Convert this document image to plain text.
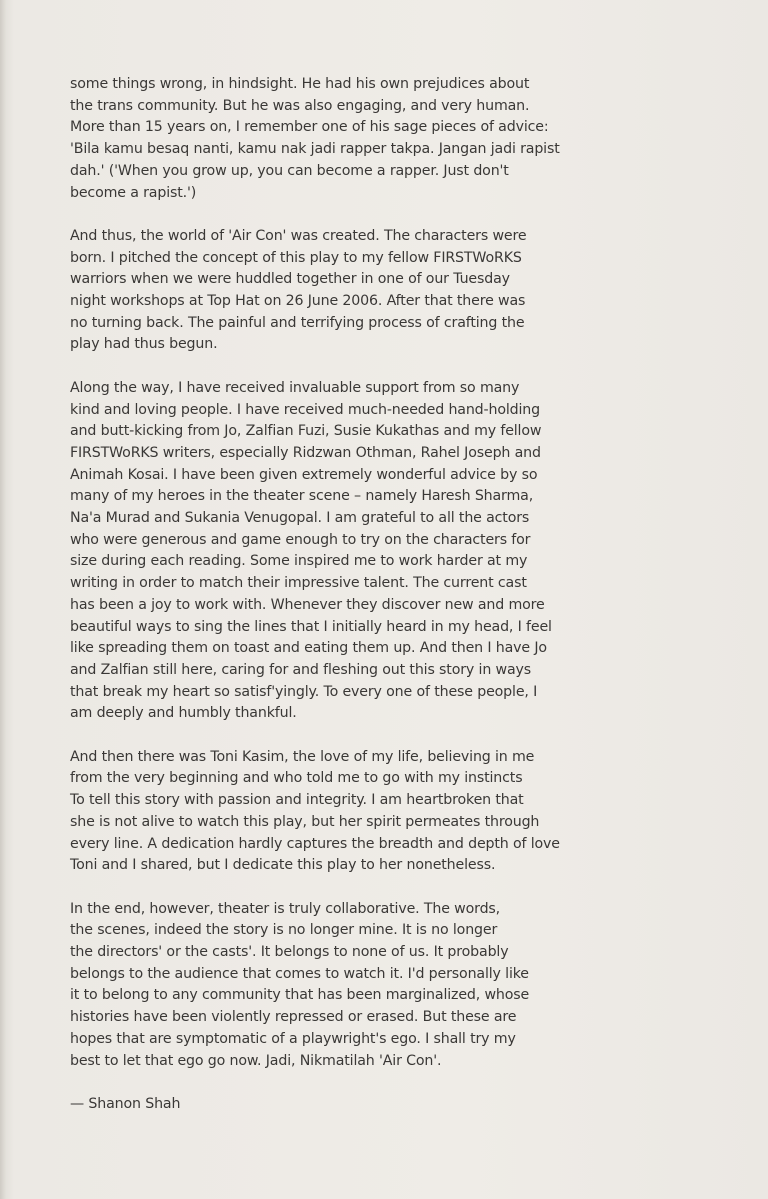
some things wrong, in hindsight. He had his own prejudices about
the trans community. But he was also engaging, and very human.
More than 15 years on, I remember one of his sage pieces of advice:
'Bila kamu besaq nanti, kamu nak jadi rapper takpa. Jangan jadi rapist
dah.' ('When you grow up, you can become a rapper. Just don't
become a rapist.')
And thus, the world of 'Air Con' was created. The characters were
born. I pitched the concept of this play to my fellow FIRSTWoRKS
warriors when we were huddled together in one of our Tuesday
night workshops at Top Hat on 26 June 2006. After that there was
no turning back. The painful and terrifying process of crafting the
play had thus begun.
Along the way, I have received invaluable support from so many
kind and loving people. I have received much-needed hand-holding
and butt-kicking from Jo, Zalfian Fuzi, Susie Kukathas and my fellow
FIRSTWoRKS writers, especially Ridzwan Othman, Rahel Joseph and
Animah Kosai. I have been given extremely wonderful advice by so
many of my heroes in the theater scene – namely Haresh Sharma,
Na'a Murad and Sukania Venugopal. I am grateful to all the actors
who were generous and game enough to try on the characters for
size during each reading. Some inspired me to work harder at my
writing in order to match their impressive talent. The current cast
has been a joy to work with. Whenever they discover new and more
beautiful ways to sing the lines that I initially heard in my head, I feel
like spreading them on toast and eating them up. And then I have Jo
and Zalfian still here, caring for and fleshing out this story in ways
that break my heart so satisf'yingly. To every one of these people, I
am deeply and humbly thankful.
And then there was Toni Kasim, the love of my life, believing in me
from the very beginning and who told me to go with my instincts
To tell this story with passion and integrity. I am heartbroken that
she is not alive to watch this play, but her spirit permeates through
every line. A dedication hardly captures the breadth and depth of love
Toni and I shared, but I dedicate this play to her nonetheless.
In the end, however, theater is truly collaborative. The words,
the scenes, indeed the story is no longer mine. It is no longer
the directors' or the casts'. It belongs to none of us. It probably
belongs to the audience that comes to watch it. I'd personally like
it to belong to any community that has been marginalized, whose
histories have been violently repressed or erased. But these are
hopes that are symptomatic of a playwright's ego. I shall try my
best to let that ego go now. Jadi, Nikmatilah 'Air Con'.
— Shanon Shah
